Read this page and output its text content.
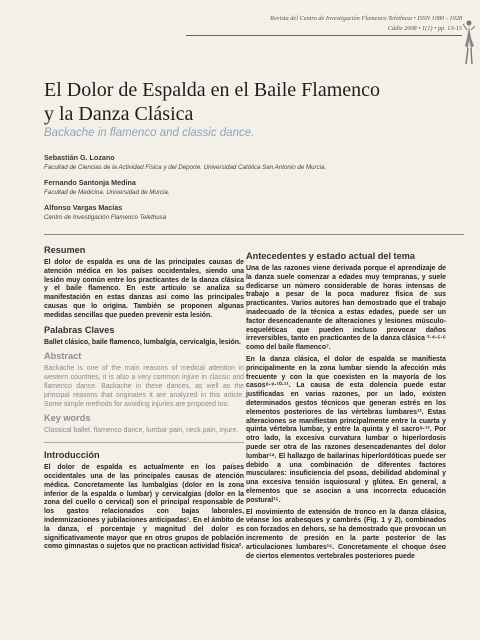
Revista del Centro de Investigación Flamenco Telethusa • ISSN 1080 - 1028
Cádiz 2008 • 1(1) • pp. 13-15
El Dolor de Espalda en el Baile Flamenco
y la Danza Clásica
Backache in flamenco and classic dance.
Sebastián G. Lozano
Facultad de Ciencias de la Actividad Física y del Deporte. Universidad Católica San Antonio de Murcia.
Fernando Santonja Medina
Facultad de Medicina. Universidad de Murcia.
Alfonso Vargas Macías
Centro de Investigación Flamenco Telethusa
Resumen

El dolor de espalda es una de las principales causas de atención médica en los países occidentales, siendo una lesión muy común entre los practicantes de la danza clásica y el baile flamenco. En este artículo se analiza su manifestación en estas danzas así como las principales causas que lo origina. También se proponen algunas medidas sencillas que pueden prevenir esta lesión.

Palabras Claves

Ballet clásico, baile flamenco, lumbalgia, cervicalgia, lesión.

Abstract

Backache is one of the main reasons of medical attention in western countries, it is also a very common injure in classic and flamenco dance. Backache in these dances, as well as the principal reasons that originates it are analyzed in this article. Some simple methods for avoiding injuries are proposed too.

Key words

Classical ballet, flamenco dance, lumbar pain, neck pain, injure.

Introducción

El dolor de espalda es actualmente en los países occidentales una de las principales causas de atención médica. Concretamente las lumbalgias (dolor en la zona inferior de la espalda o lumbar) y cervicalgias (dolor en la zona del cuello o cervical) son el principal responsable de los gastos relacionados con bajas laborales, indemnizaciones y jubilaciones anticipadas¹. En el ámbito de la danza, el porcentaje y magnitud del dolor es significativamente mayor que en otros grupos de población como gimnastas o sujetos que no practican actividad física².

Antecedentes y estado actual del tema

Una de las razones viene derivada porque el aprendizaje de la danza suele comenzar a edades muy tempranas, y suele dedicarse un número considerable de horas intensas de trabajo a pesar de la poca madurez física de sus practicantes. Varios autores han demostrado que el trabajo inadecuado de la técnica a estas edades, puede ser un factor desencadenante de alteraciones y lesiones músculo-esqueléticas que pueden incluso provocar daños irreversibles, tanto en practicantes de la danza clásica ³·⁴·⁵·⁶ como del baile flamenco⁷.

En la danza clásica, el dolor de espalda se manifiesta principalmente en la zona lumbar siendo la afección más frecuente y con la que coexisten en la mayoría de los casos⁸·⁹·¹⁰·¹¹. La causa de esta dolencia puede estar justificadas en varias razones, por un lado, existen determinados gestos técnicos que generan estrés en los elementos posteriores de las vértebras lumbares¹². Estas alteraciones se manifiestan principalmente entre la cuarta y quinta vértebra lumbar, y entre la quinta y el sacro⁹·¹³. Por otro lado, la excesiva curvatura lumbar o hiperlordosis puede ser otra de las razones desencadenantes del dolor lumbar¹⁴. El hallazgo de bailarinas hiperlordóticas puede ser debido a una combinación de diferentes factores musculares: insuficiencia del psoas, debilidad abdominal y una excesiva tensión isquiosural y glútea. En general, a elementos que se asocian a una incorrecta educación postural¹⁵.

El movimiento de extensión de tronco en la danza clásica, véanse los arabesques y cambrés (Fig. 1 y 2), combinados con forzados en dehors, se ha demostrado que provocan un incremento de presión en la parte posterior de las articulaciones lumbares¹⁶. Concretamente el choque óseo de ciertos elementos vertebrales posteriores puede
